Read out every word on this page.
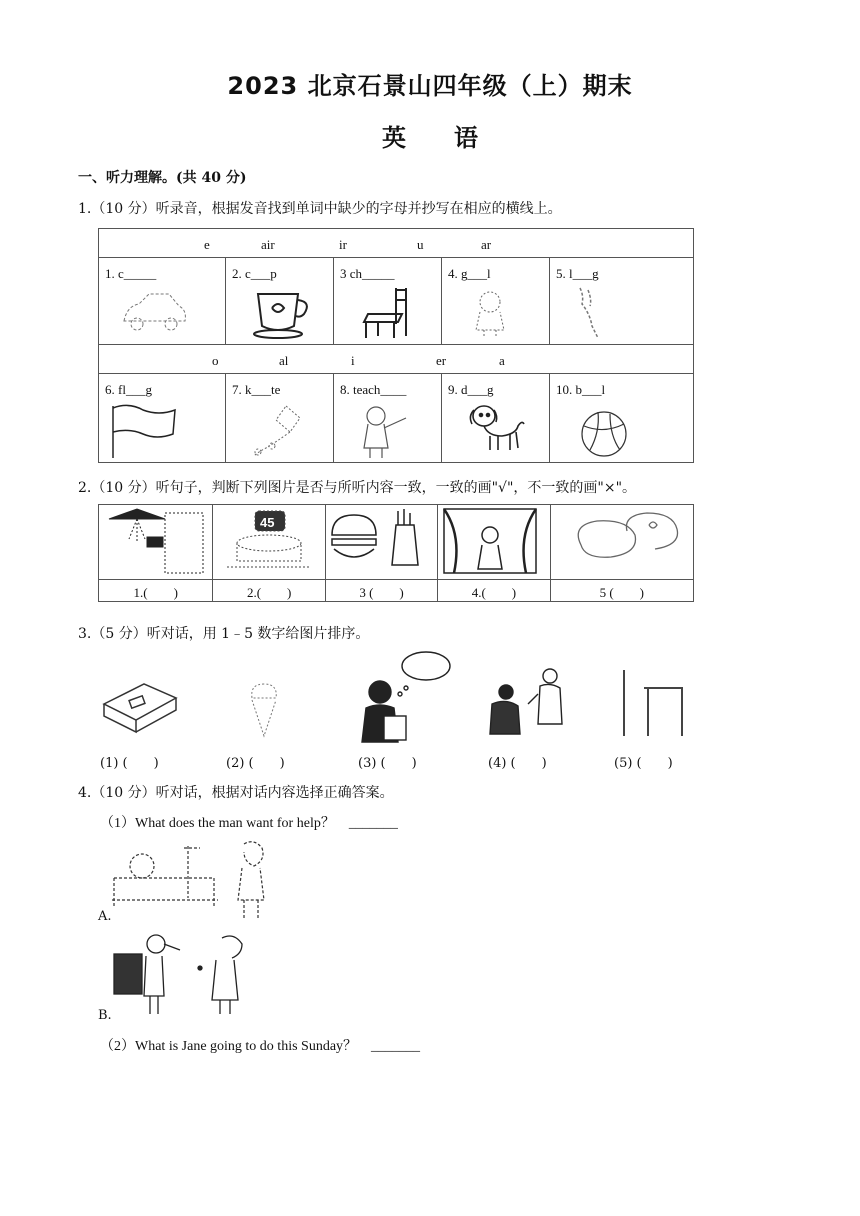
2023 北京石景山四年级（上）期末
英　　语
一、听力理解。(共 40 分)
1.（10 分）听录音，根据发音找到单词中缺少的字母并抄写在相应的横线上。
e air ir u ar				

1. c_____	2. c___p	3 ch_____	4. g___l	5. l___g

o al i er a				

6. fl___g	7. k___te	8. teach____	9. d___g	10. b___l
2.（10 分）听句子，判断下列图片是否与所听内容一致，一致的画"√"，不一致的画"×"。

45

1.(　　)	2.(　　)	3 (　　)	4.(　　)	5 (　　)
3.（5 分）听对话，用 1﹣5 数字给图片排序。
(1) (　　)	(2) (　　)	(3) (　　)	(4) (　　)	(5) (　　)
4.（10 分）听对话，根据对话内容选择正确答案。
（1）What does the man want for help？　_______
A.
B.
（2）What is Jane going to do this Sunday？　_______
